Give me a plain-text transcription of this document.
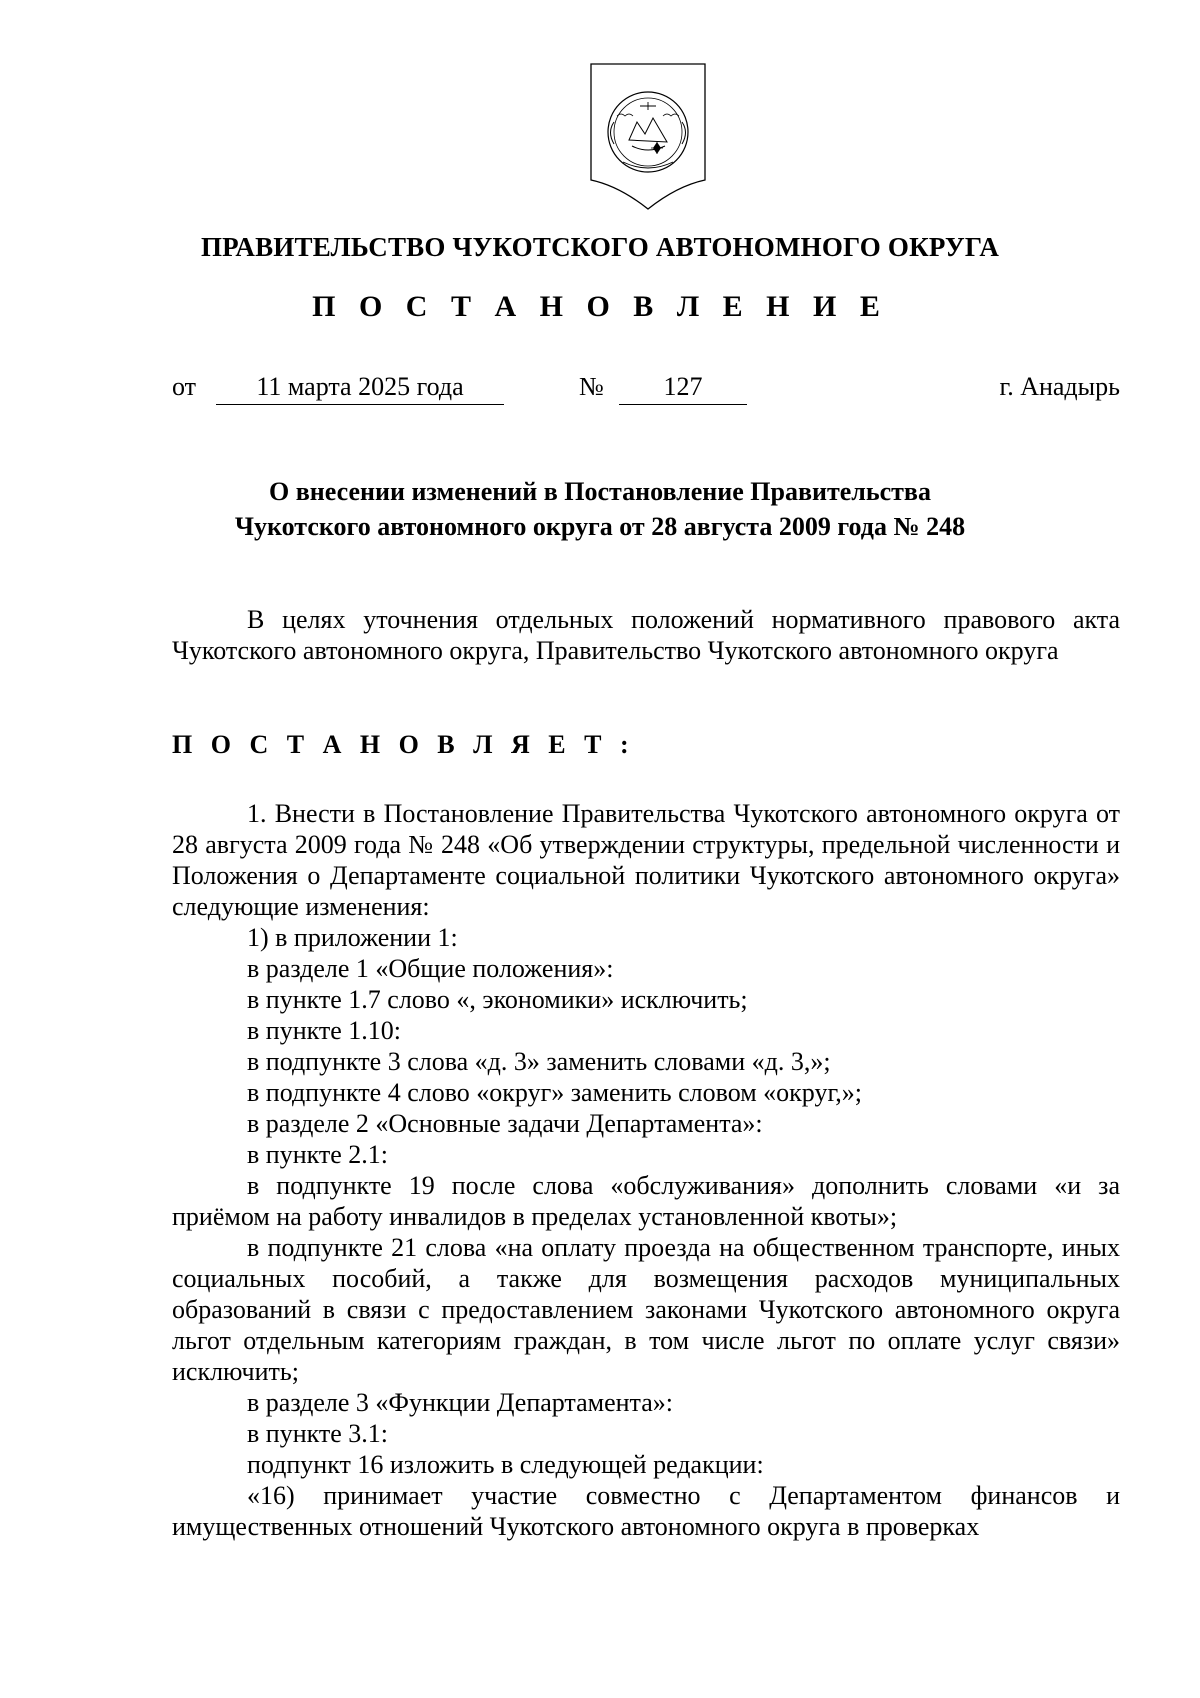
ПРАВИТЕЛЬСТВО ЧУКОТСКОГО АВТОНОМНОГО ОКРУГА
П О С Т А Н О В Л Е Н И Е
от	11 марта 2025 года	№	127	г. Анадырь
О внесении изменений в Постановление Правительства
Чукотского автономного округа от 28 августа 2009 года № 248

В целях уточнения отдельных положений нормативного правового акта Чукотского автономного округа, Правительство Чукотского автономного округа

П О С Т А Н О В Л Я Е Т :

1. Внести в Постановление Правительства Чукотского автономного округа от 28 августа 2009 года № 248 «Об утверждении структуры, предельной численности и Положения о Департаменте социальной политики Чукотского автономного округа» следующие изменения:

1) в приложении 1:

в разделе 1 «Общие положения»:

в пункте 1.7 слово «, экономики» исключить;

в пункте 1.10:

в подпункте 3 слова «д. 3» заменить словами «д. 3,»;

в подпункте 4 слово «округ» заменить словом «округ,»;

в разделе 2 «Основные задачи Департамента»:

в пункте 2.1:

в подпункте 19 после слова «обслуживания» дополнить словами «и за приёмом на работу инвалидов в пределах установленной квоты»;

в подпункте 21 слова «на оплату проезда на общественном транспорте, иных социальных пособий, а также для возмещения расходов муниципальных образований в связи с предоставлением законами Чукотского автономного округа льгот отдельным категориям граждан, в том числе льгот по оплате услуг связи» исключить;

в разделе 3 «Функции Департамента»:

в пункте 3.1:

подпункт 16 изложить в следующей редакции:

«16) принимает участие совместно с Департаментом финансов и имущественных отношений Чукотского автономного округа в проверках
